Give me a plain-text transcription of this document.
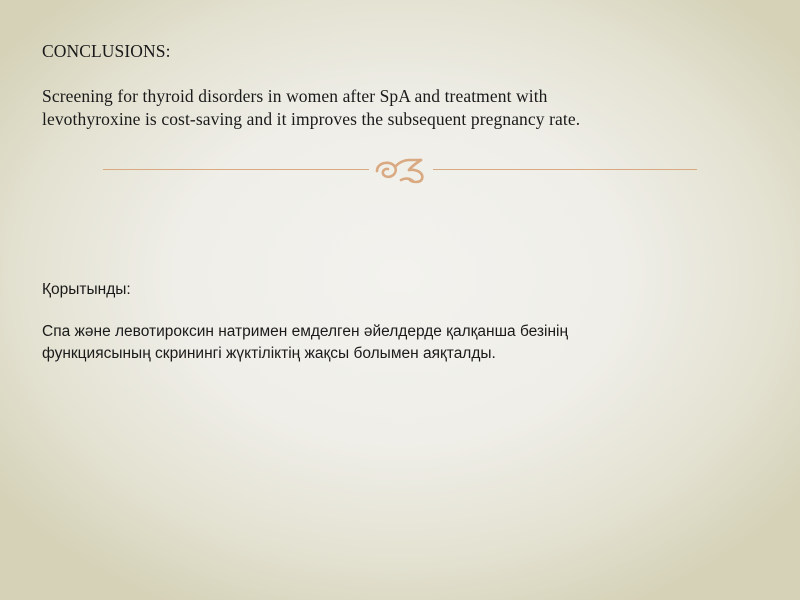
CONCLUSIONS:
Screening for thyroid disorders in women after SpA and treatment with
levothyroxine is cost-saving and it improves the subsequent pregnancy rate.
Қорытынды:
Спа және левотироксин натримен емделген әйелдерде қалқанша безінің
функциясының скринингі жүктіліктің жақсы болымен аяқталды.
